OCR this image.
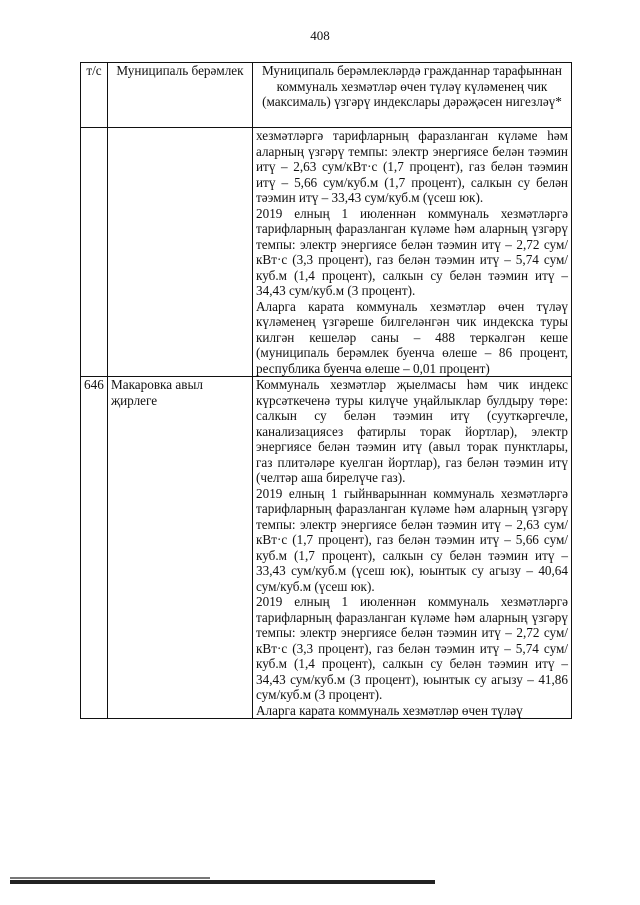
408
т/с	Муниципаль берәмлек	Муниципаль берәмлекләрдә гражданнар тарафыннан коммуналь хезмәтләр өчен түләү күләменең чик (максималь) үзгәрү индекслары дәрәҗәсен нигезләү*

		хезмәтләргә тарифларның фаразланган күләме һәм аларның үзгәрү темпы: электр энергиясе белән тәэмин итү – 2,63 сум/кВт·с (1,7 процент), газ белән тәэмин итү – 5,66 сум/куб.м (1,7 процент), салкын су белән тәэмин итү – 33,43 сум/куб.м (үсеш юк).

2019 елның 1 июленнән коммуналь хезмәтләргә тарифларның фаразланган күләме һәм аларның үзгәрү темпы: электр энергиясе белән тәэмин итү – 2,72 сум/кВт·с (3,3 процент), газ белән тәэмин итү – 5,74 сум/куб.м (1,4 процент), салкын су белән тәэмин итү – 34,43 сум/куб.м (3 процент).

Аларга карата коммуналь хезмәтләр өчен түләү күләменең үзгәреше билгеләнгән чик индекска туры килгән кешеләр саны – 488 теркәлгән кеше (муниципаль берәмлек буенча өлеше – 86 процент, республика буенча өлеше – 0,01 процент)

646	Макаровка авыл җирлеге	Коммуналь хезмәтләр җыелмасы һәм чик индекс күрсәткеченә туры килүче уңайлыклар булдыру төре: салкын су белән тәэмин итү (сууткәргечле, канализациясез фатирлы торак йортлар), электр энергиясе белән тәэмин итү (авыл торак пунктлары, газ плитәләре куелган йортлар), газ белән тәэмин итү (челтәр аша бирелүче газ).

2019 елның 1 гыйнварыннан коммуналь хезмәтләргә тарифларның фаразланган күләме һәм аларның үзгәрү темпы: электр энергиясе белән тәэмин итү – 2,63 сум/кВт·с (1,7 процент), газ белән тәэмин итү – 5,66 сум/куб.м (1,7 процент), салкын су белән тәэмин итү – 33,43 сум/куб.м (үсеш юк), юынтык су агызу – 40,64 сум/куб.м (үсеш юк).

2019 елның 1 июленнән коммуналь хезмәтләргә тарифларның фаразланган күләме һәм аларның үзгәрү темпы: электр энергиясе белән тәэмин итү – 2,72 сум/кВт·с (3,3 процент), газ белән тәэмин итү – 5,74 сум/куб.м (1,4 процент), салкын су белән тәэмин итү – 34,43 сум/куб.м (3 процент), юынтык су агызу – 41,86 сум/куб.м (3 процент).

Аларга карата коммуналь хезмәтләр өчен түләү
